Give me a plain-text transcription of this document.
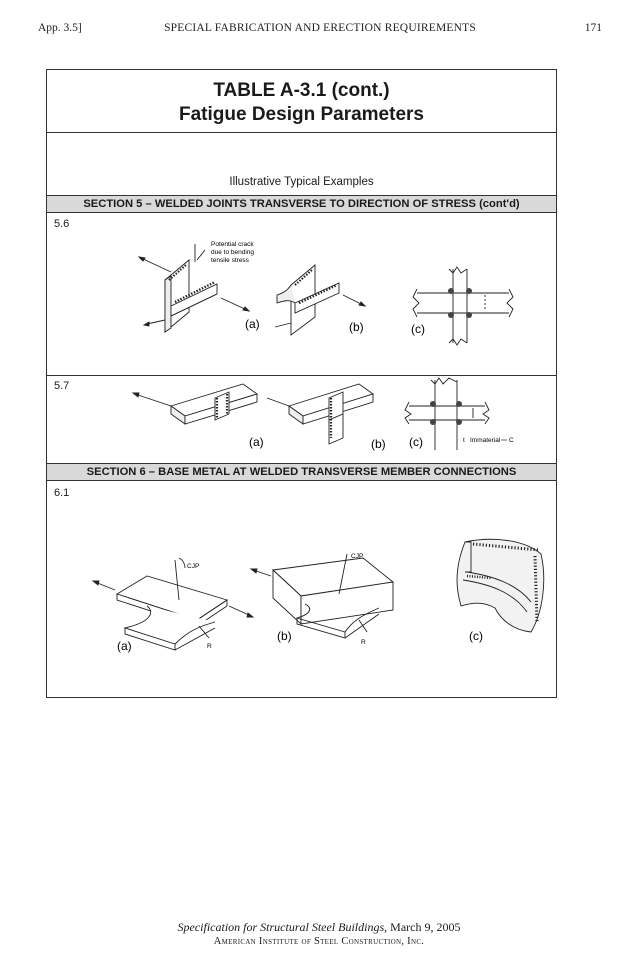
App. 3.5]	SPECIAL FABRICATION AND ERECTION REQUIREMENTS	171
TABLE A-3.1 (cont.)
Fatigue Design Parameters
Illustrative Typical Examples
SECTION 5 – WELDED JOINTS TRANSVERSE TO DIRECTION OF STRESS (cont'd)
5.6
Potential crack
due to bending
tensile stress
(a)	(b)	(c)
5.7
(a)	(b) (c)	t Immaterial C
SECTION 6 – BASE METAL AT WELDED TRANSVERSE MEMBER CONNECTIONS
6.1
CJP
R
(a)
CJP
R
(b)	(c)
Specification for Structural Steel Buildings, March 9, 2005
American Institute of Steel Construction, Inc.
